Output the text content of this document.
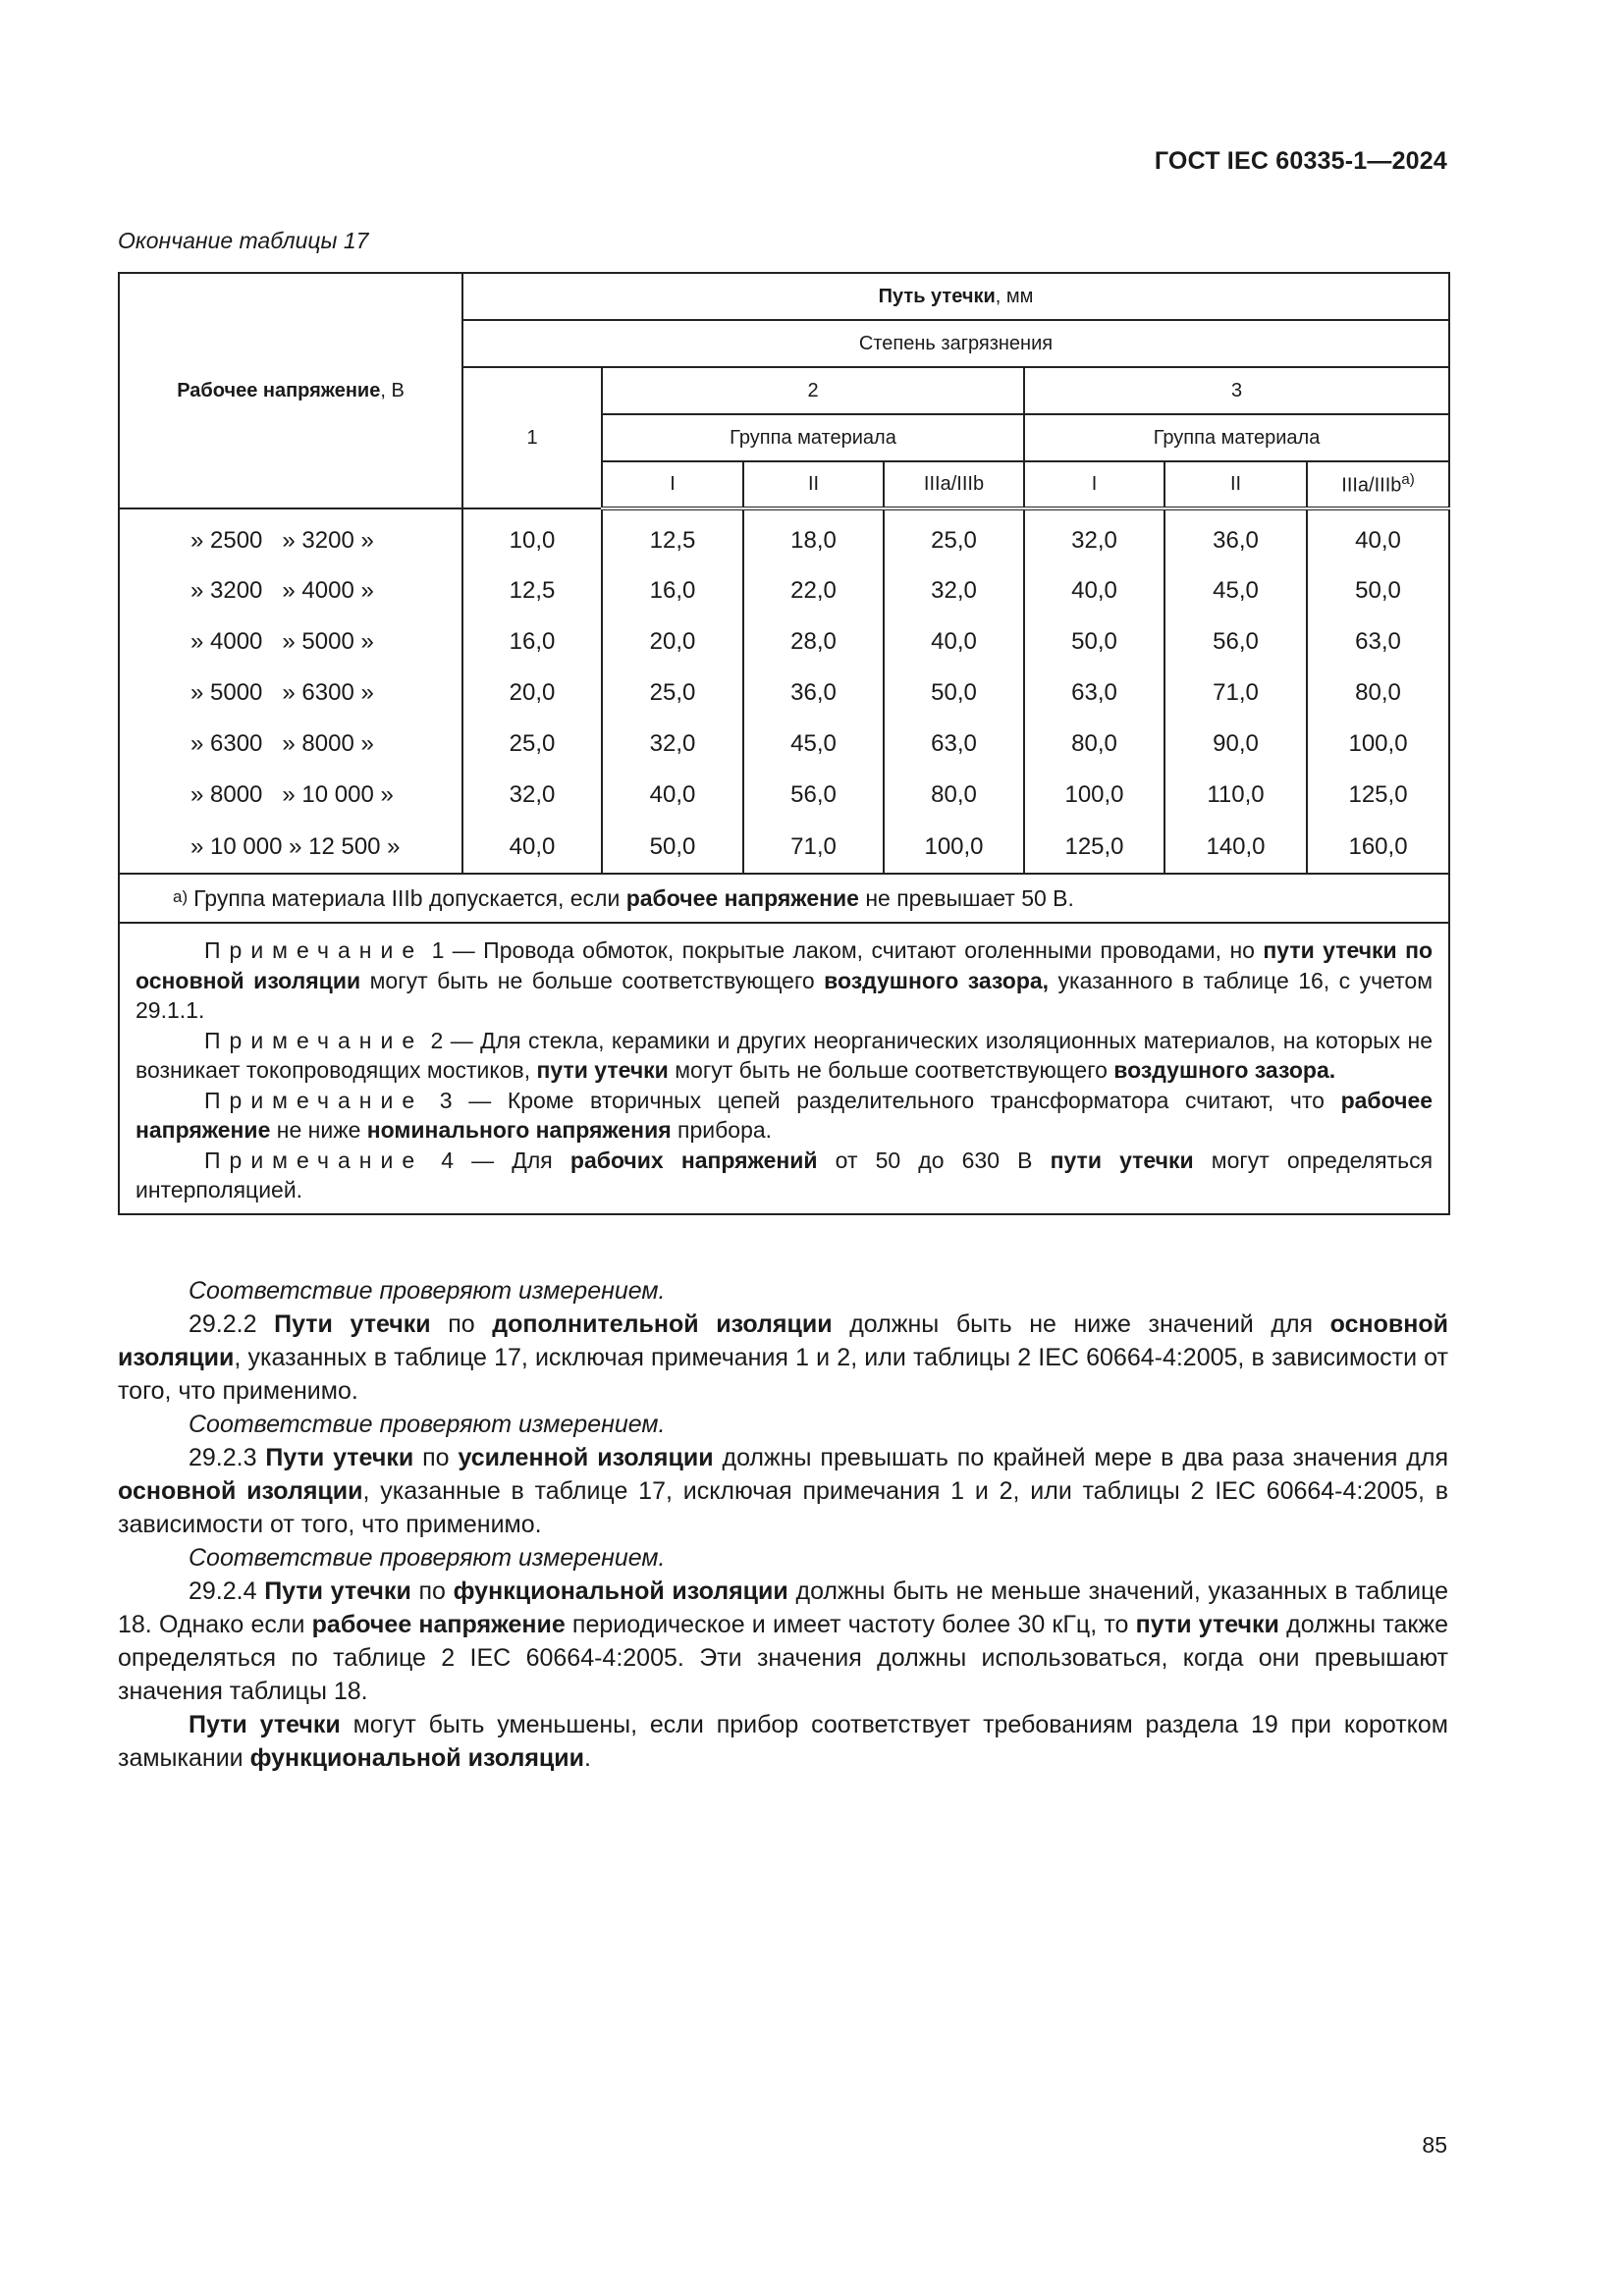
ГОСТ IEC 60335-1—2024
Окончание таблицы 17
Рабочее напряжение, В	Путь утечки, мм						
	Степень загрязнения						
	1	2			3		
		Группа материала			Группа материала		
		I	II	IIIa/IIIb	I	II	IIIa/IIIb$^{a)}$
» 2500   » 3200 »	10,0	12,5	18,0	25,0	32,0	36,0	40,0
» 3200   » 4000 »	12,5	16,0	22,0	32,0	40,0	45,0	50,0
» 4000   » 5000 »	16,0	20,0	28,0	40,0	50,0	56,0	63,0
» 5000   » 6300 »	20,0	25,0	36,0	50,0	63,0	71,0	80,0
» 6300   » 8000 »	25,0	32,0	45,0	63,0	80,0	90,0	100,0
» 8000   » 10 000 »	32,0	40,0	56,0	80,0	100,0	110,0	125,0
» 10 000 » 12 500 »	40,0	50,0	71,0	100,0	125,0	140,0	160,0
a) Группа материала IIIb допускается, если рабочее напряжение не превышает 50 В.							

Примечание 1 — Провода обмоток, покрытые лаком, считают оголенными проводами, но пути утечки по основной изоляции могут быть не больше соответствующего воздушного зазора, указанного в таблице 16, с учетом 29.1.1.

Примечание 2 — Для стекла, керамики и других неорганических изоляционных материалов, на которых не возникает токопроводящих мостиков, пути утечки могут быть не больше соответствующего воздушного зазора.

Примечание 3 — Кроме вторичных цепей разделительного трансформатора считают, что рабочее напряжение не ниже номинального напряжения прибора.

Примечание 4 — Для рабочих напряжений от 50 до 630 В пути утечки могут определяться интерполяцией.							

Соответствие проверяют измерением.

29.2.2 Пути утечки по дополнительной изоляции должны быть не ниже значений для основной изоляции, указанных в таблице 17, исключая примечания 1 и 2, или таблицы 2 IEC 60664-4:2005, в зависимости от того, что применимо.

Соответствие проверяют измерением.

29.2.3 Пути утечки по усиленной изоляции должны превышать по крайней мере в два раза значения для основной изоляции, указанные в таблице 17, исключая примечания 1 и 2, или таблицы 2 IEC 60664-4:2005, в зависимости от того, что применимо.

Соответствие проверяют измерением.

29.2.4 Пути утечки по функциональной изоляции должны быть не меньше значений, указанных в таблице 18. Однако если рабочее напряжение периодическое и имеет частоту более 30 кГц, то пути утечки должны также определяться по таблице 2 IEC 60664-4:2005. Эти значения должны использоваться, когда они превышают значения таблицы 18.

Пути утечки могут быть уменьшены, если прибор соответствует требованиям раздела 19 при коротком замыкании функциональной изоляции.

85
